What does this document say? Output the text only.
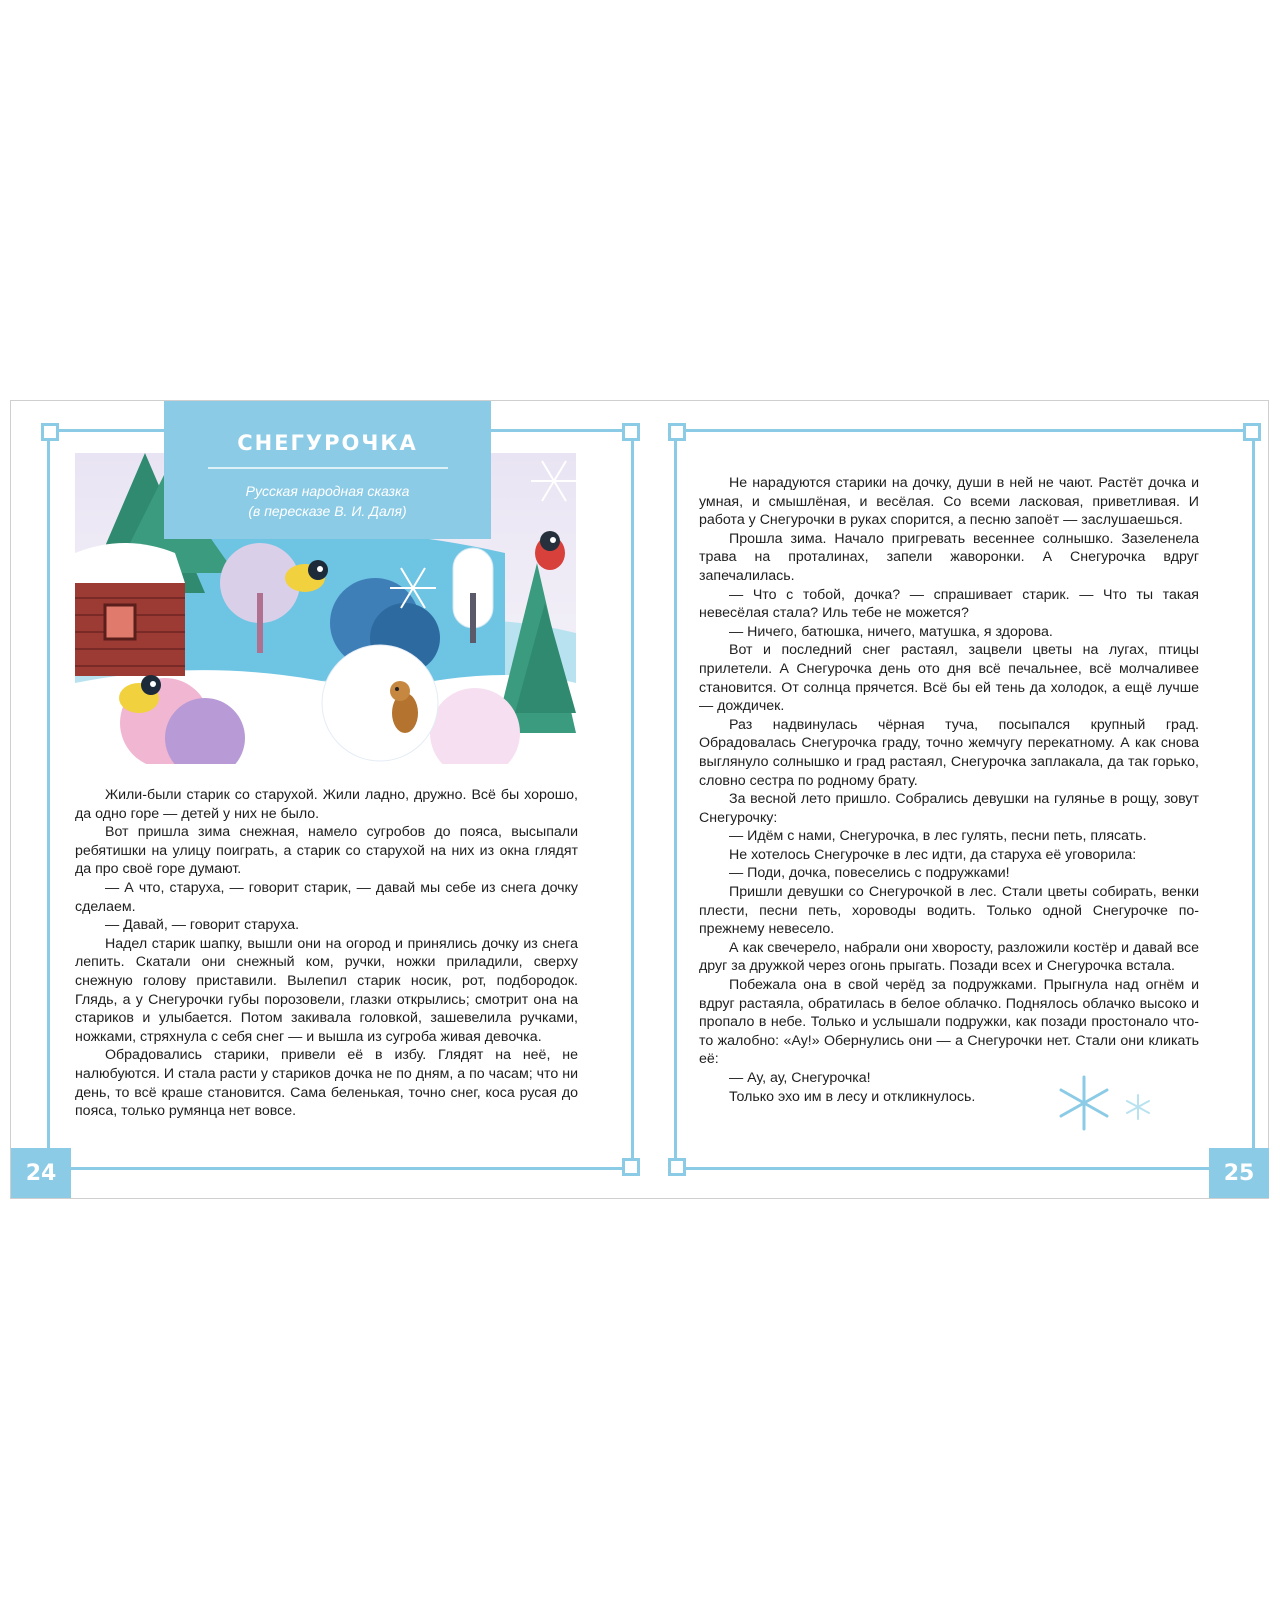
СНЕГУРОЧКА

Русская народная сказка

(в пересказе В. И. Даля)

Жили-были старик со старухой. Жили ладно, дружно. Всё бы хорошо, да одно горе — детей у них не было.

Вот пришла зима снежная, намело сугробов до пояса, высыпали ребятишки на улицу поиграть, а старик со старухой на них из окна глядят да про своё горе думают.

— А что, старуха, — говорит старик, — давай мы себе из снега дочку сделаем.

— Давай, — говорит старуха.

Надел старик шапку, вышли они на огород и принялись дочку из снега лепить. Скатали они снежный ком, ручки, ножки приладили, сверху снежную голову приставили. Вылепил старик носик, рот, подбородок. Глядь, а у Снегурочки губы порозовели, глазки открылись; смотрит она на стариков и улыбается. Потом закивала головкой, зашевелила ручками, ножками, стряхнула с себя снег — и вышла из сугроба живая девочка.

Обрадовались старики, привели её в избу. Глядят на неё, не налюбуются. И стала расти у стариков дочка не по дням, а по часам; что ни день, то всё краше становится. Сама беленькая, точно снег, коса русая до пояса, только румянца нет вовсе.

24

Не нарадуются старики на дочку, души в ней не чают. Растёт дочка и умная, и смышлёная, и весёлая. Со всеми ласковая, приветливая. И работа у Снегурочки в руках спорится, а песню запоёт — заслушаешься.

Прошла зима. Начало пригревать весеннее солнышко. Зазеленела трава на проталинах, запели жаворонки. А Снегурочка вдруг запечалилась.

— Что с тобой, дочка? — спрашивает старик. — Что ты такая невесёлая стала? Иль тебе не можется?

— Ничего, батюшка, ничего, матушка, я здорова.

Вот и последний снег растаял, зацвели цветы на лугах, птицы прилетели. А Снегурочка день ото дня всё печальнее, всё молчаливее становится. От солнца прячется. Всё бы ей тень да холодок, а ещё лучше — дождичек.

Раз надвинулась чёрная туча, посыпался крупный град. Обрадовалась Снегурочка граду, точно жемчугу перекатному. А как снова выглянуло солнышко и град растаял, Снегурочка заплакала, да так горько, словно сестра по родному брату.

За весной лето пришло. Собрались девушки на гулянье в рощу, зовут Снегурочку:

— Идём с нами, Снегурочка, в лес гулять, песни петь, плясать.

Не хотелось Снегурочке в лес идти, да старуха её уговорила:

— Поди, дочка, повеселись с подружками!

Пришли девушки со Снегурочкой в лес. Стали цветы собирать, венки плести, песни петь, хороводы водить. Только одной Снегурочке по-прежнему невесело.

А как свечерело, набрали они хворосту, разложили костёр и давай все друг за дружкой через огонь прыгать. Позади всех и Снегурочка встала.

Побежала она в свой черёд за подружками. Прыгнула над огнём и вдруг растаяла, обратилась в белое облачко. Поднялось облачко высоко и пропало в небе. Только и услышали подружки, как позади простонало что-то жалобно: «Ау!» Обернулись они — а Снегурочки нет. Стали они кликать её:

— Ау, ау, Снегурочка!

Только эхо им в лесу и откликнулось.

25
